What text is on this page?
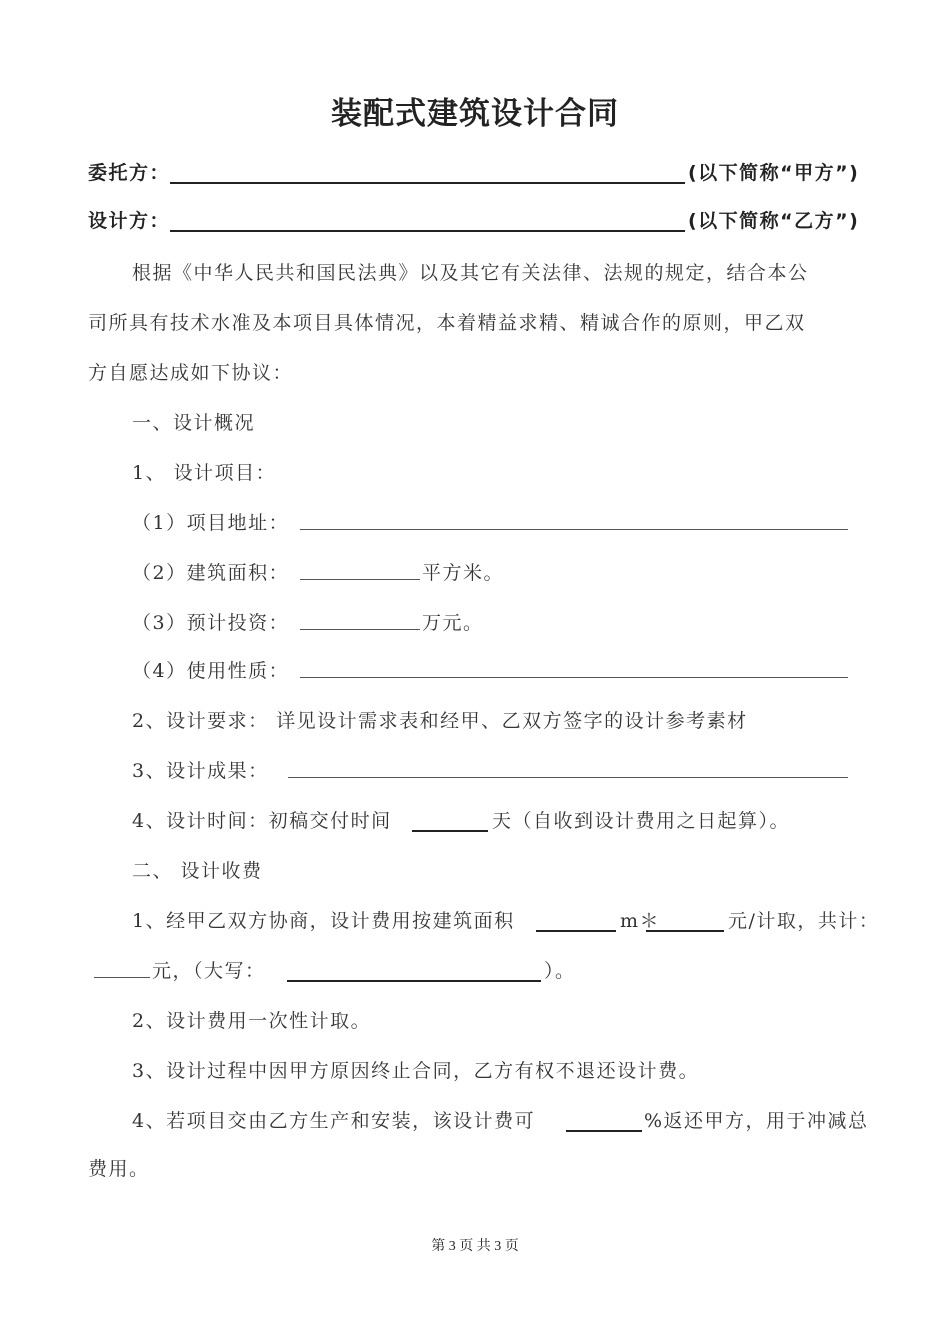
装配式建筑设计合同
委托方：	(以下简称“甲方”)
设计方：	(以下简称“乙方”)
根据《中华人民共和国民法典》以及其它有关法律、法规的规定，结合本公
司所具有技术水准及本项目具体情况，本着精益求精、精诚合作的原则，甲乙双
方自愿达成如下协议：
一、设计概况
1、 设计项目：
（1）项目地址：
（2）建筑面积：	平方米。
（3）预计投资：	万元。
（4）使用性质：
2、设计要求： 详见设计需求表和经甲、乙双方签字的设计参考素材
3、设计成果：
4、设计时间：初稿交付时间	天（自收到设计费用之日起算）。
二、 设计收费
1、经甲乙双方协商，设计费用按建筑面积	m＊	元/计取，共计：
元，（大写：	）。
2、设计费用一次性计取。
3、设计过程中因甲方原因终止合同，乙方有权不退还设计费。
4、若项目交由乙方生产和安装，该设计费可	%返还甲方，用于冲减总
费用。
第 3 页 共 3 页
